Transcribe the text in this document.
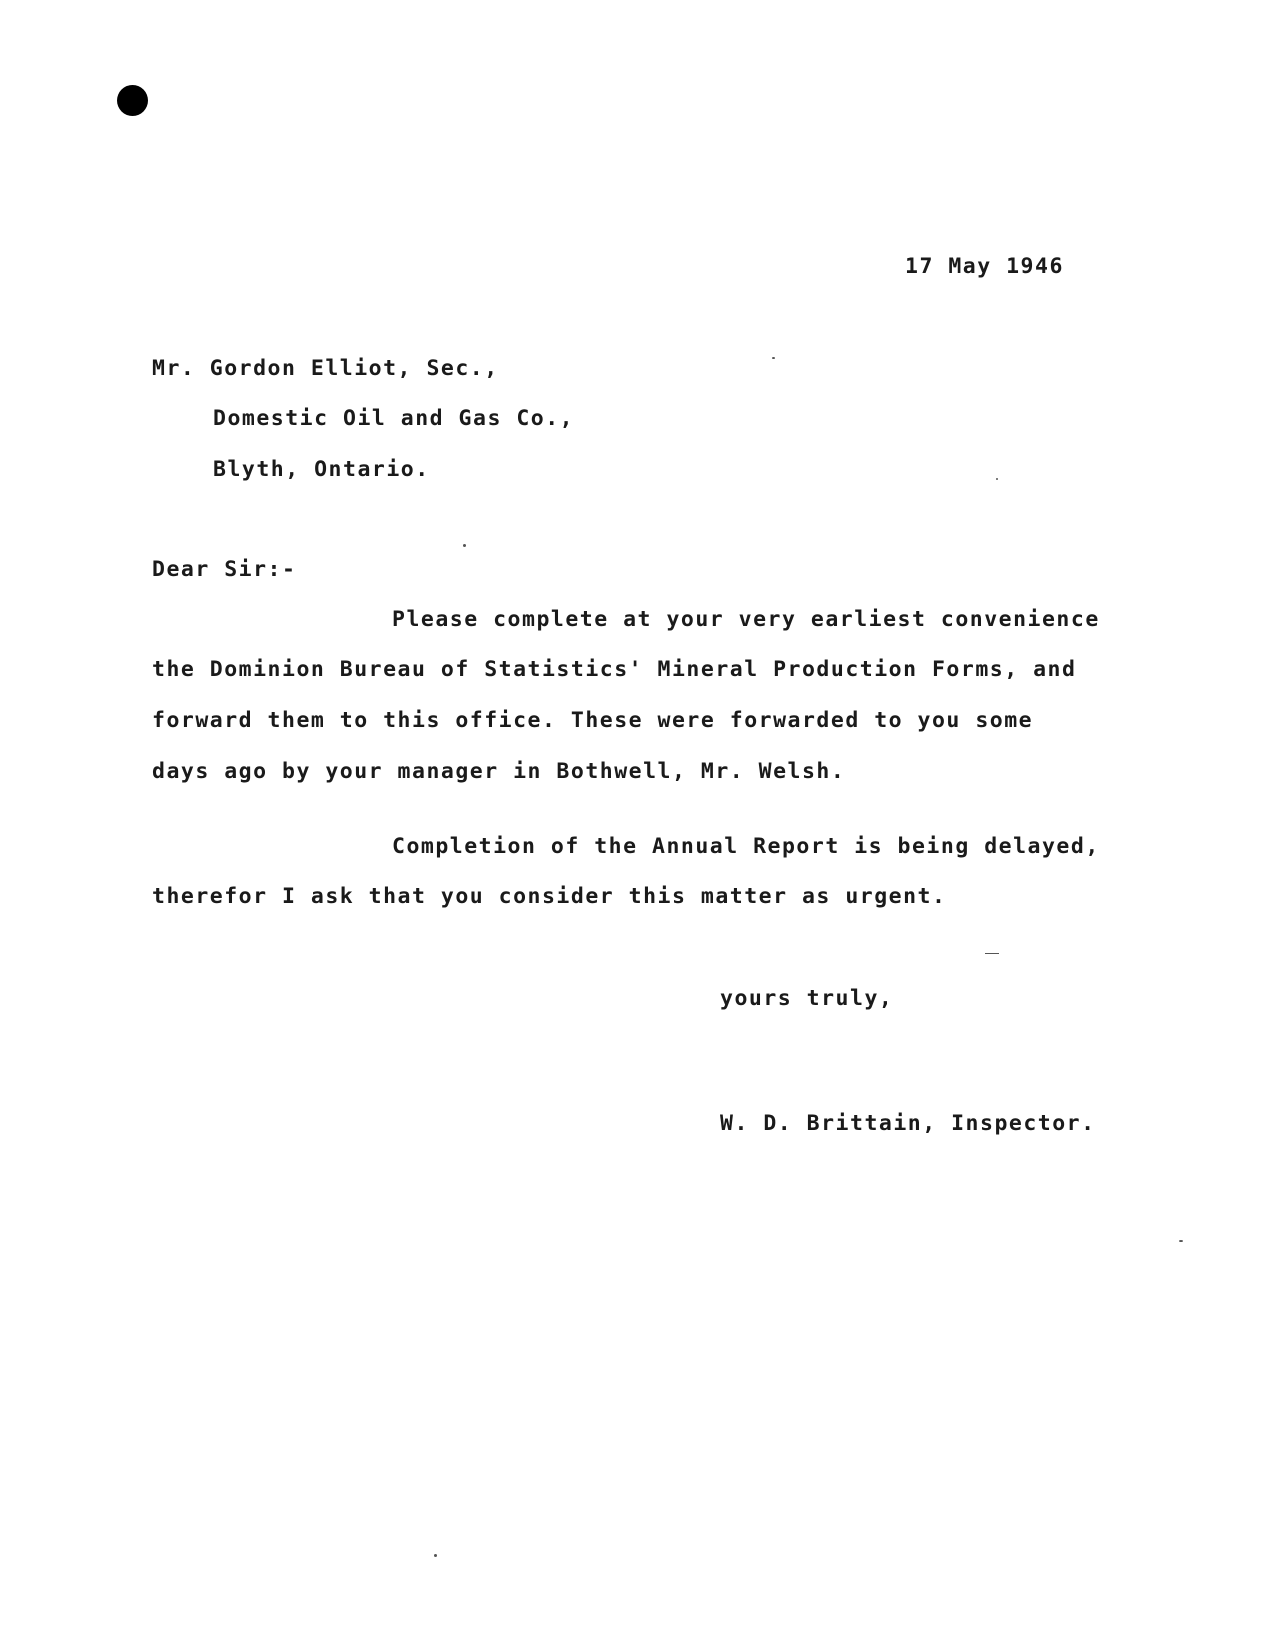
17 May 1946
Mr. Gordon Elliot, Sec.,
Domestic Oil and Gas Co.,
Blyth, Ontario.
Dear Sir:-
Please complete at your very earliest convenience
the Dominion Bureau of Statistics' Mineral Production Forms, and
forward them to this office. These were forwarded to you some
days ago by your manager in Bothwell, Mr. Welsh.
Completion of the Annual Report is being delayed,
therefor I ask that you consider this matter as urgent.
yours truly,
W. D. Brittain, Inspector.
